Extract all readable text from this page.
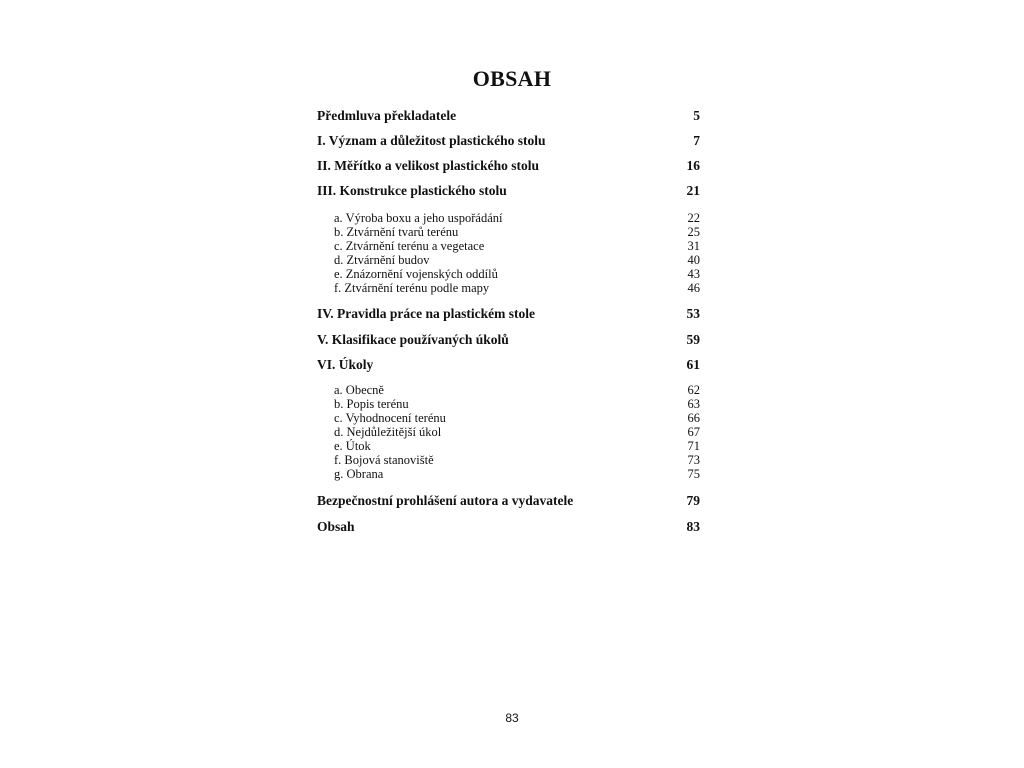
OBSAH
Předmluva překladatele	5
I. Význam a důležitost plastického stolu	7
II. Měřítko a velikost plastického stolu	16
III. Konstrukce plastického stolu	21
a. Výroba boxu a jeho uspořádání	22
b. Ztvárnění tvarů terénu	25
c. Ztvárnění terénu a vegetace	31
d. Ztvárnění budov	40
e. Znázornění vojenských oddílů	43
f. Ztvárnění terénu podle mapy	46
IV. Pravidla práce na plastickém stole	53
V. Klasifikace používaných úkolů	59
VI. Úkoly	61
a. Obecně	62
b. Popis terénu	63
c. Vyhodnocení terénu	66
d. Nejdůležitější úkol	67
e. Útok	71
f. Bojová stanoviště	73
g. Obrana	75
Bezpečnostní prohlášení autora a vydavatele	79
Obsah	83
83
